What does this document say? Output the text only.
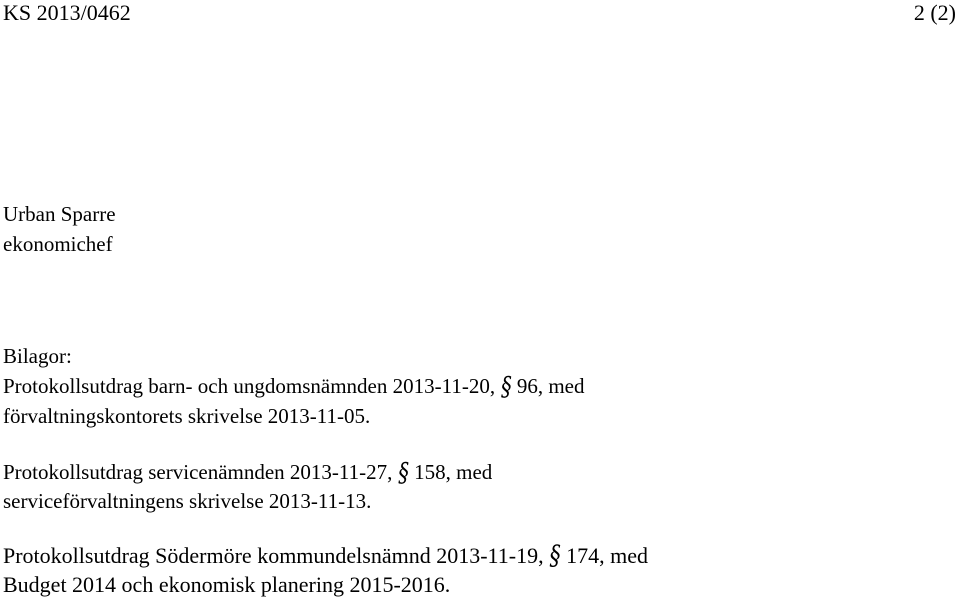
KS 2013/0462	2 (2)
Urban Sparre
ekonomichef
Bilagor:
Protokollsutdrag barn- och ungdomsnämnden 2013-11-20, § 96, med
förvaltningskontorets skrivelse 2013-11-05.
Protokollsutdrag servicenämnden 2013-11-27, § 158, med
serviceförvaltningens skrivelse 2013-11-13.
Protokollsutdrag Södermöre kommundelsnämnd 2013-11-19, § 174, med
Budget 2014 och ekonomisk planering 2015-2016.
